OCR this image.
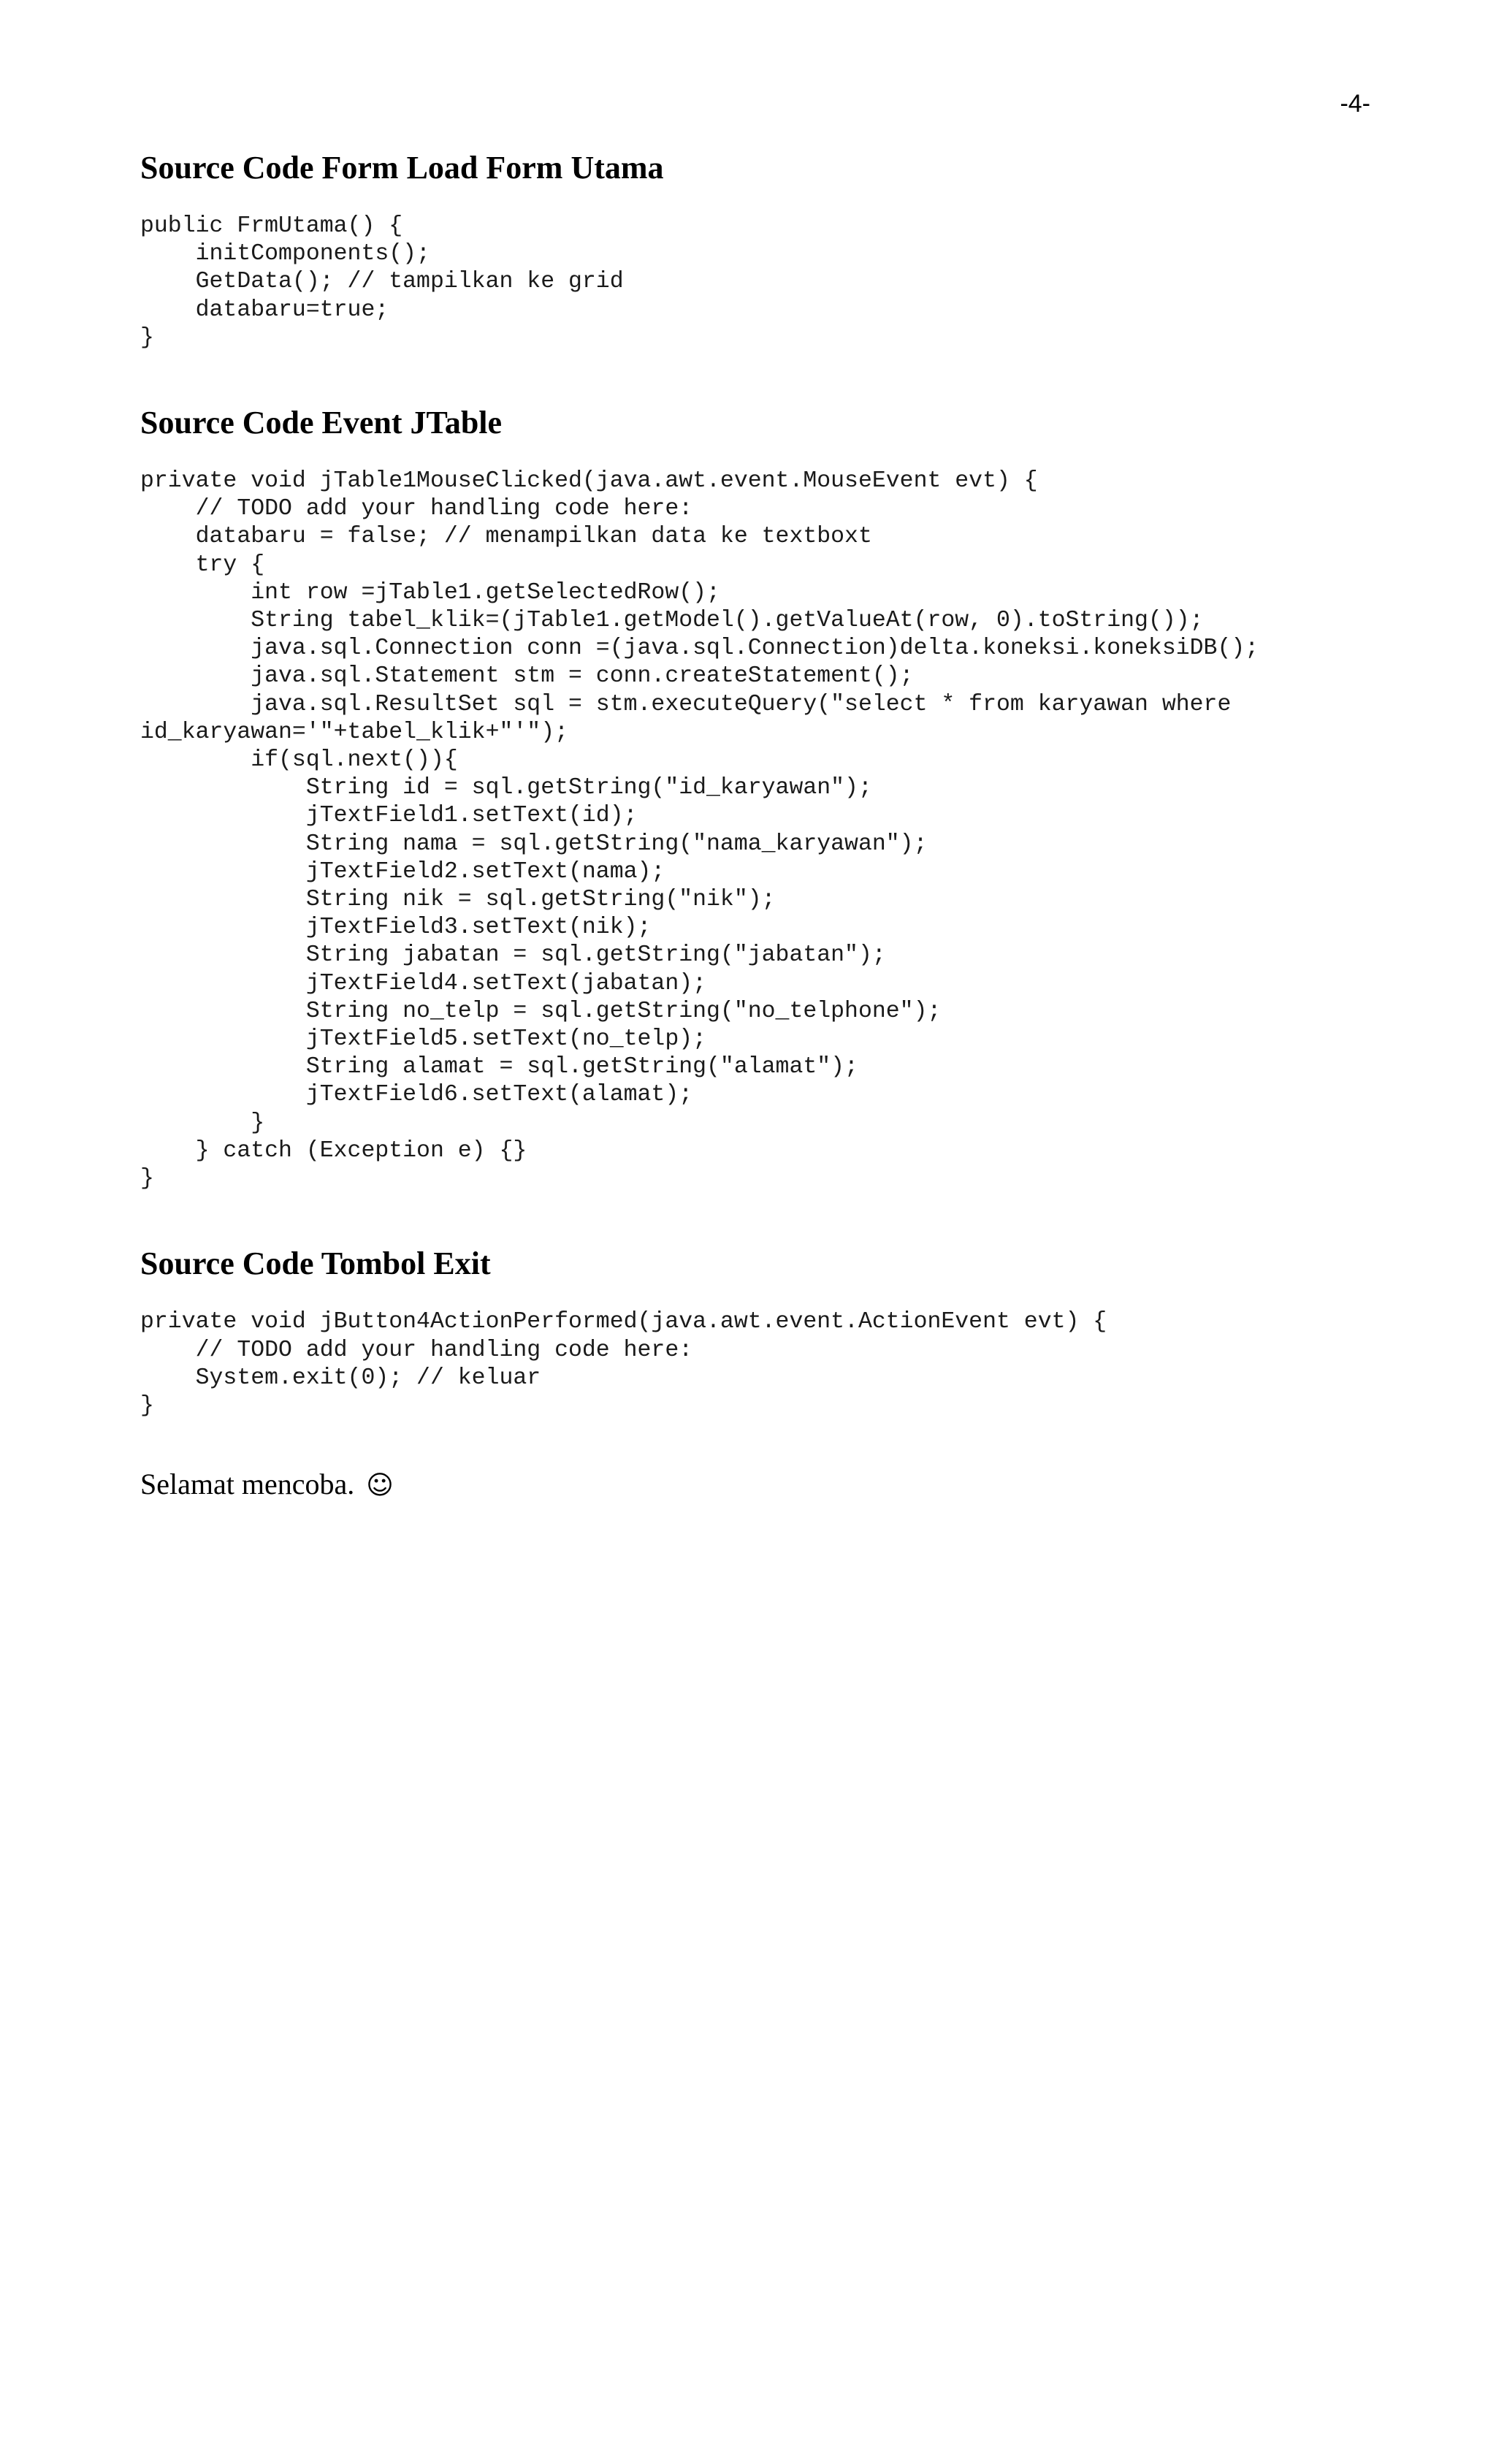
-4-
Source Code Form Load Form Utama
public FrmUtama() {
initComponents();
GetData(); // tampilkan ke grid
databaru=true;
}
Source Code Event JTable
private void jTable1MouseClicked(java.awt.event.MouseEvent evt) {
// TODO add your handling code here:
databaru = false; // menampilkan data ke textboxt
try {
int row =jTable1.getSelectedRow();
String tabel_klik=(jTable1.getModel().getValueAt(row, 0).toString());
java.sql.Connection conn =(java.sql.Connection)delta.koneksi.koneksiDB();
java.sql.Statement stm = conn.createStatement();
java.sql.ResultSet sql = stm.executeQuery("select * from karyawan where
id_karyawan='"+tabel_klik+"'");
if(sql.next()){
String id = sql.getString("id_karyawan");
jTextField1.setText(id);
String nama = sql.getString("nama_karyawan");
jTextField2.setText(nama);
String nik = sql.getString("nik");
jTextField3.setText(nik);
String jabatan = sql.getString("jabatan");
jTextField4.setText(jabatan);
String no_telp = sql.getString("no_telphone");
jTextField5.setText(no_telp);
String alamat = sql.getString("alamat");
jTextField6.setText(alamat);
}
} catch (Exception e) {}
}
Source Code Tombol Exit
private void jButton4ActionPerformed(java.awt.event.ActionEvent evt) {
// TODO add your handling code here:
System.exit(0); // keluar
}
Selamat mencoba. ☺
